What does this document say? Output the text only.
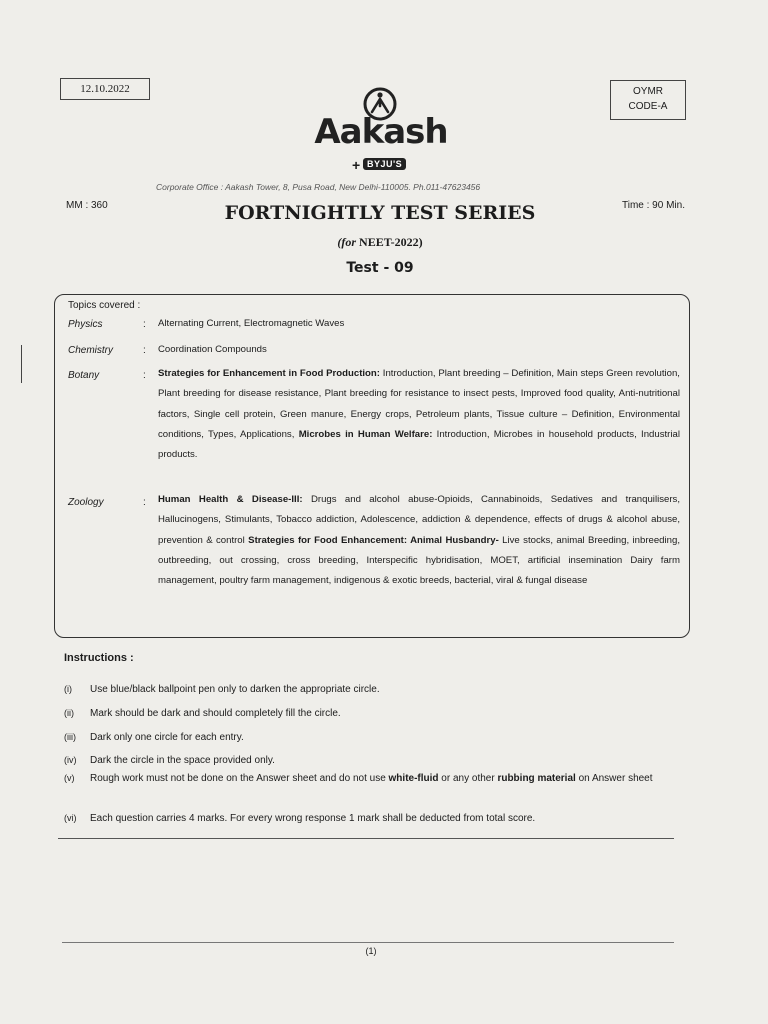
12.10.2022	OYMR
CODE-A
Aakash
+ BYJU'S
Corporate Office : Aakash Tower, 8, Pusa Road, New Delhi-110005. Ph.011-47623456
MM : 360	Time : 90 Min.
FORTNIGHTLY TEST SERIES
(for NEET-2022)
Test - 09
Topics covered :
Physics	: Alternating Current, Electromagnetic Waves
Chemistry	: Coordination Compounds
Botany	: Strategies for Enhancement in Food Production: Introduction, Plant breeding – Definition, Main steps Green revolution, Plant breeding for disease resistance, Plant breeding for resistance to insect pests, Improved food quality, Anti-nutritional factors, Single cell protein, Green manure, Energy crops, Petroleum plants, Tissue culture – Definition, Environmental conditions, Types, Applications, Microbes in Human Welfare: Introduction, Microbes in household products, Industrial products.
Zoology	: Human Health & Disease-III: Drugs and alcohol abuse-Opioids, Cannabinoids, Sedatives and tranquilisers, Hallucinogens, Stimulants, Tobacco addiction, Adolescence, addiction & dependence, effects of drugs & alcohol abuse, prevention & control Strategies for Food Enhancement: Animal Husbandry- Live stocks, animal Breeding, inbreeding, outbreeding, out crossing, cross breeding, Interspecific hybridisation, MOET, artificial insemination Dairy farm management, poultry farm management, indigenous & exotic breeds, bacterial, viral & fungal disease
Instructions :
(i) Use blue/black ballpoint pen only to darken the appropriate circle.
(ii) Mark should be dark and should completely fill the circle.
(iii) Dark only one circle for each entry.
(iv) Dark the circle in the space provided only.
(v) Rough work must not be done on the Answer sheet and do not use white-fluid or any other rubbing material on Answer sheet
(vi) Each question carries 4 marks. For every wrong response 1 mark shall be deducted from total score.
(1)
